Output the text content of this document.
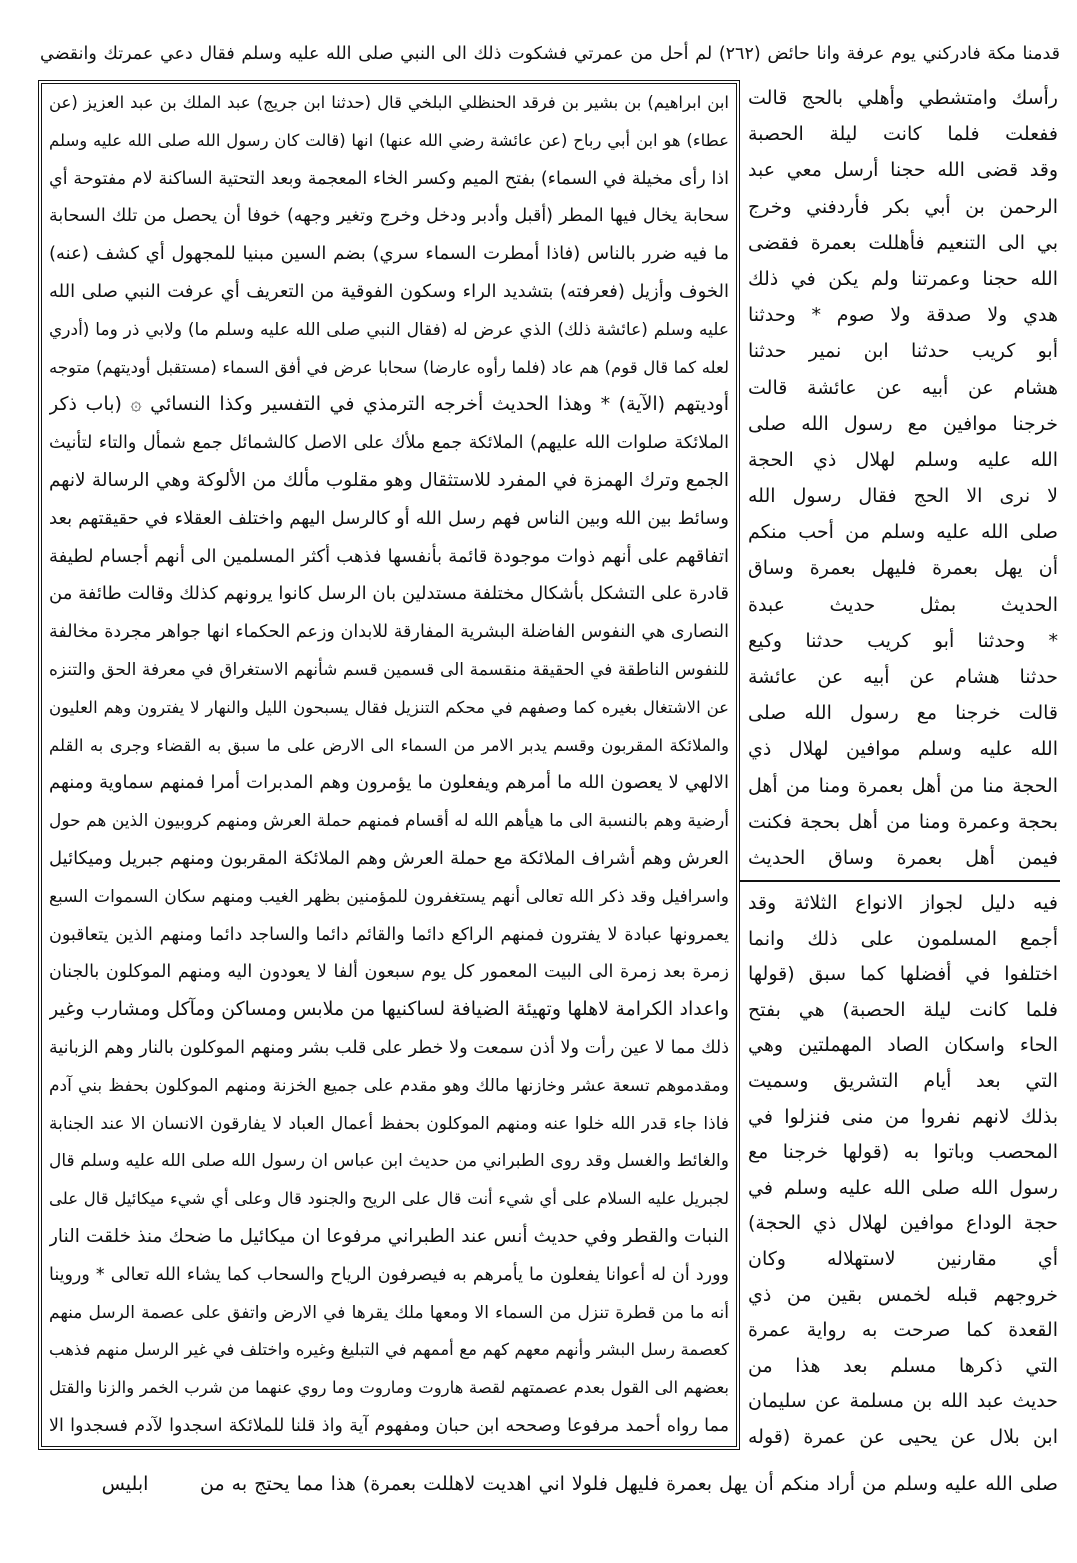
قدمنا مكة فادركني يوم عرفة وانا حائض (٢٦٢) لم أحل من عمرتي فشكوت ذلك الى النبي صلى الله عليه وسلم فقال دعي عمرتك وانقضي
ابن ابراهيم) بن بشير بن فرقد الحنظلي البلخي قال (حدثنا ابن جريج) عبد الملك بن عبد العزيز (عن
عطاء) هو ابن أبي رباح (عن عائشة رضي الله عنها) انها (قالت كان رسول الله صلى الله عليه وسلم
اذا رأى مخيلة في السماء) بفتح الميم وكسر الخاء المعجمة وبعد التحتية الساكنة لام مفتوحة أي
سحابة يخال فيها المطر (أقبل وأدبر ودخل وخرج وتغير وجهه) خوفا أن يحصل من تلك السحابة
ما فيه ضرر بالناس (فاذا أمطرت السماء سري) بضم السين مبنيا للمجهول أي كشف (عنه)
الخوف وأزيل (فعرفته) بتشديد الراء وسكون الفوقية من التعريف أي عرفت النبي صلى الله
عليه وسلم (عائشة ذلك) الذي عرض له (فقال النبي صلى الله عليه وسلم ما) ولابي ذر وما (أدري
لعله كما قال قوم) هم عاد (فلما رأوه عارضا) سحابا عرض في أفق السماء (مستقبل أوديتهم) متوجه
أوديتهم (الآية) * وهذا الحديث أخرجه الترمذي في التفسير وكذا النسائي ۞ (باب ذكر
الملائكة صلوات الله عليهم) الملائكة جمع ملأك على الاصل كالشمائل جمع شمأل والتاء لتأنيث
الجمع وترك الهمزة في المفرد للاستثقال وهو مقلوب مألك من الألوكة وهي الرسالة لانهم
وسائط بين الله وبين الناس فهم رسل الله أو كالرسل اليهم واختلف العقلاء في حقيقتهم بعد
اتفاقهم على أنهم ذوات موجودة قائمة بأنفسها فذهب أكثر المسلمين الى أنهم أجسام لطيفة
قادرة على التشكل بأشكال مختلفة مستدلين بان الرسل كانوا يرونهم كذلك وقالت طائفة من
النصارى هي النفوس الفاضلة البشرية المفارقة للابدان وزعم الحكماء انها جواهر مجردة مخالفة
للنفوس الناطقة في الحقيقة منقسمة الى قسمين قسم شأنهم الاستغراق في معرفة الحق والتنزه
عن الاشتغال بغيره كما وصفهم في محكم التنزيل فقال يسبحون الليل والنهار لا يفترون وهم العليون
والملائكة المقربون وقسم يدبر الامر من السماء الى الارض على ما سبق به القضاء وجرى به القلم
الالهي لا يعصون الله ما أمرهم ويفعلون ما يؤمرون وهم المدبرات أمرا فمنهم سماوية ومنهم
أرضية وهم بالنسبة الى ما هيأهم الله له أقسام فمنهم حملة العرش ومنهم كروبيون الذين هم حول
العرش وهم أشراف الملائكة مع حملة العرش وهم الملائكة المقربون ومنهم جبريل وميكائيل
واسرافيل وقد ذكر الله تعالى أنهم يستغفرون للمؤمنين بظهر الغيب ومنهم سكان السموات السبع
يعمرونها عبادة لا يفترون فمنهم الراكع دائما والقائم دائما والساجد دائما ومنهم الذين يتعاقبون
زمرة بعد زمرة الى البيت المعمور كل يوم سبعون ألفا لا يعودون اليه ومنهم الموكلون بالجنان
واعداد الكرامة لاهلها وتهيئة الضيافة لساكنيها من ملابس ومساكن ومآكل ومشارب وغير
ذلك مما لا عين رأت ولا أذن سمعت ولا خطر على قلب بشر ومنهم الموكلون بالنار وهم الزبانية
ومقدموهم تسعة عشر وخازنها مالك وهو مقدم على جميع الخزنة ومنهم الموكلون بحفظ بني آدم
فاذا جاء قدر الله خلوا عنه ومنهم الموكلون بحفظ أعمال العباد لا يفارقون الانسان الا عند الجنابة
والغائط والغسل وقد روى الطبراني من حديث ابن عباس ان رسول الله صلى الله عليه وسلم قال
لجبريل عليه السلام على أي شيء أنت قال على الريح والجنود قال وعلى أي شيء ميكائيل قال على
النبات والقطر وفي حديث أنس عند الطبراني مرفوعا ان ميكائيل ما ضحك منذ خلقت النار
وورد أن له أعوانا يفعلون ما يأمرهم به فيصرفون الرياح والسحاب كما يشاء الله تعالى * وروينا
أنه ما من قطرة تنزل من السماء الا ومعها ملك يقرها في الارض واتفق على عصمة الرسل منهم
كعصمة رسل البشر وأنهم معهم كهم مع أممهم في التبليغ وغيره واختلف في غير الرسل منهم فذهب
بعضهم الى القول بعدم عصمتهم لقصة هاروت وماروت وما روي عنهما من شرب الخمر والزنا والقتل
مما رواه أحمد مرفوعا وصححه ابن حبان ومفهوم آية واذ قلنا للملائكة اسجدوا لآدم فسجدوا الا
رأسك وامتشطي وأهلي بالحج قالت
ففعلت فلما كانت ليلة الحصبة
وقد قضى الله حجنا أرسل معي عبد
الرحمن بن أبي بكر فأردفني وخرج
بي الى التنعيم فأهللت بعمرة فقضى
الله حجنا وعمرتنا ولم يكن في ذلك
هدي ولا صدقة ولا صوم * وحدثنا
أبو كريب حدثنا ابن نمير حدثنا
هشام عن أبيه عن عائشة قالت
خرجنا موافين مع رسول الله صلى
الله عليه وسلم لهلال ذي الحجة
لا نرى الا الحج فقال رسول الله
صلى الله عليه وسلم من أحب منكم
أن يهل بعمرة فليهل بعمرة وساق
الحديث بمثل حديث عبدة
* وحدثنا أبو كريب حدثنا وكيع
حدثنا هشام عن أبيه عن عائشة
قالت خرجنا مع رسول الله صلى
الله عليه وسلم موافين لهلال ذي
الحجة منا من أهل بعمرة ومنا من أهل
بحجة وعمرة ومنا من أهل بحجة فكنت
فيمن أهل بعمرة وساق الحديث
فيه دليل لجواز الانواع الثلاثة وقد
أجمع المسلمون على ذلك وانما
اختلفوا في أفضلها كما سبق (قولها
فلما كانت ليلة الحصبة) هي بفتح
الحاء واسكان الصاد المهملتين وهي
التي بعد أيام التشريق وسميت
بذلك لانهم نفروا من منى فنزلوا في
المحصب وباتوا به (قولها خرجنا مع
رسول الله صلى الله عليه وسلم في
حجة الوداع موافين لهلال ذي الحجة)
أي مقارنين لاستهلاله وكان
خروجهم قبله لخمس بقين من ذي
القعدة كما صرحت به رواية عمرة
التي ذكرها مسلم بعد هذا من
حديث عبد الله بن مسلمة عن سليمان
ابن بلال عن يحيى عن عمرة (قوله
صلى الله عليه وسلم من أراد منكم أن يهل بعمرة فليهل فلولا اني اهديت لاهللت بعمرة) هذا مما يحتج به من
ابليس
